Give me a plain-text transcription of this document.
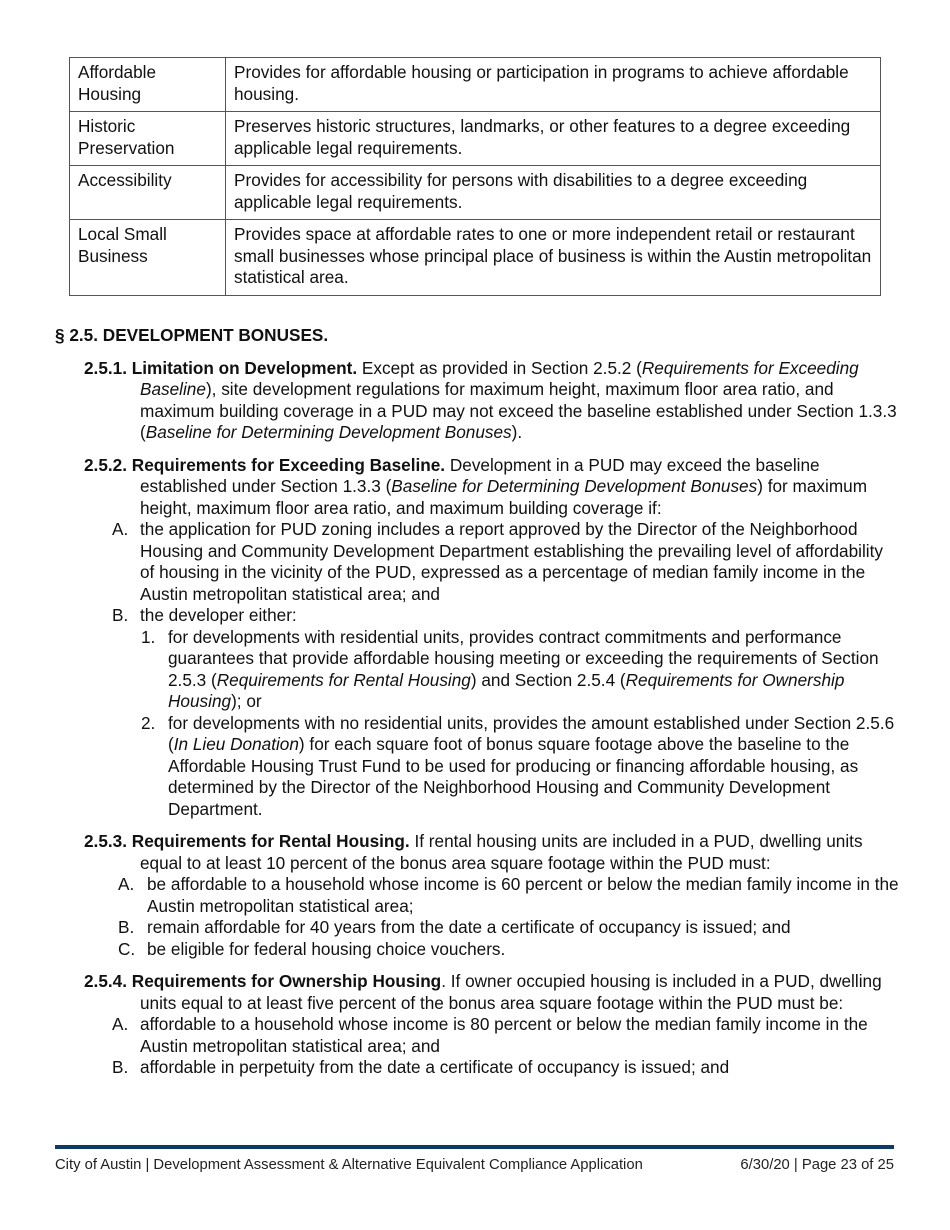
Affordable Housing	Provides for affordable housing or participation in programs to achieve affordable housing.
Historic Preservation	Preserves historic structures, landmarks, or other features to a degree exceeding applicable legal requirements.
Accessibility	Provides for accessibility for persons with disabilities to a degree exceeding applicable legal requirements.
Local Small Business	Provides space at affordable rates to one or more independent retail or restaurant small businesses whose principal place of business is within the Austin metropolitan statistical area.
§ 2.5. DEVELOPMENT BONUSES.
2.5.1. Limitation on Development. Except as provided in Section 2.5.2 (Requirements for Exceeding Baseline), site development regulations for maximum height, maximum floor area ratio, and maximum building coverage in a PUD may not exceed the baseline established under Section 1.3.3 (Baseline for Determining Development Bonuses).
2.5.2. Requirements for Exceeding Baseline. Development in a PUD may exceed the baseline established under Section 1.3.3 (Baseline for Determining Development Bonuses) for maximum height, maximum floor area ratio, and maximum building coverage if:
A. the application for PUD zoning includes a report approved by the Director of the Neighborhood Housing and Community Development Department establishing the prevailing level of affordability of housing in the vicinity of the PUD, expressed as a percentage of median family income in the Austin metropolitan statistical area; and
B. the developer either:
1. for developments with residential units, provides contract commitments and performance guarantees that provide affordable housing meeting or exceeding the requirements of Section 2.5.3 (Requirements for Rental Housing) and Section 2.5.4 (Requirements for Ownership Housing); or
2. for developments with no residential units, provides the amount established under Section 2.5.6 (In Lieu Donation) for each square foot of bonus square footage above the baseline to the Affordable Housing Trust Fund to be used for producing or financing affordable housing, as determined by the Director of the Neighborhood Housing and Community Development Department.
2.5.3. Requirements for Rental Housing. If rental housing units are included in a PUD, dwelling units equal to at least 10 percent of the bonus area square footage within the PUD must:
A. be affordable to a household whose income is 60 percent or below the median family income in the Austin metropolitan statistical area;
B. remain affordable for 40 years from the date a certificate of occupancy is issued; and
C. be eligible for federal housing choice vouchers.
2.5.4. Requirements for Ownership Housing. If owner occupied housing is included in a PUD, dwelling units equal to at least five percent of the bonus area square footage within the PUD must be:
A. affordable to a household whose income is 80 percent or below the median family income in the Austin metropolitan statistical area; and
B. affordable in perpetuity from the date a certificate of occupancy is issued; and
City of Austin | Development Assessment & Alternative Equivalent Compliance Application	6/30/20 | Page 23 of 25
